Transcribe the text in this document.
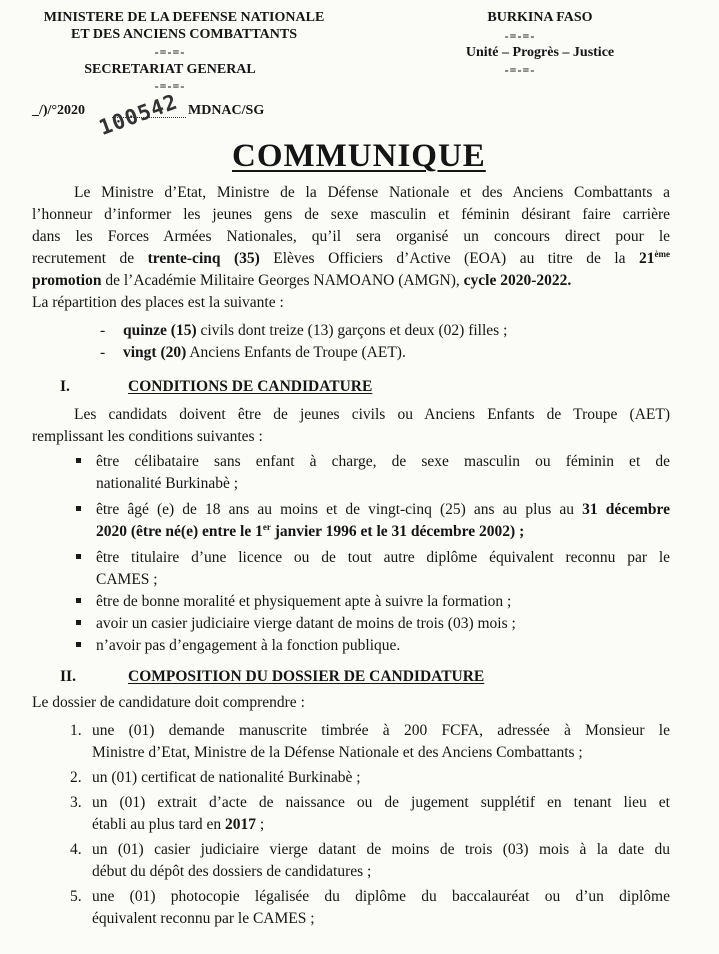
MINISTERE DE LA DEFENSE NATIONALE
ET DES ANCIENS COMBATTANTS
-=-=-
SECRETARIAT GENERAL
-=-=-
BURKINA FASO
-=-=-
Unité – Progrès – Justice
-=-=-
_/)/°2020	MDNAC/SG
100542
COMMUNIQUE
Le Ministre d’Etat, Ministre de la Défense Nationale et des Anciens Combattants a
l’honneur d’informer les jeunes gens de sexe masculin et féminin désirant faire carrière
dans les Forces Armées Nationales, qu’il sera organisé un concours direct pour le
recrutement de trente-cinq (35) Elèves Officiers d’Active (EOA) au titre de la 21ème
promotion de l’Académie Militaire Georges NAMOANO (AMGN), cycle 2020-2022.
La répartition des places est la suivante :
- quinze (15) civils dont treize (13) garçons et deux (02) filles ;
- vingt (20) Anciens Enfants de Troupe (AET).
I.	CONDITIONS DE CANDIDATURE
Les candidats doivent être de jeunes civils ou Anciens Enfants de Troupe (AET)
remplissant les conditions suivantes :
être célibataire sans enfant à charge, de sexe masculin ou féminin et de
nationalité Burkinabè ;
être âgé (e) de 18 ans au moins et de vingt-cinq (25) ans au plus au 31 décembre
2020 (être né(e) entre le 1er janvier 1996 et le 31 décembre 2002) ;
être titulaire d’une licence ou de tout autre diplôme équivalent reconnu par le
CAMES ;
être de bonne moralité et physiquement apte à suivre la formation ;
avoir un casier judiciaire vierge datant de moins de trois (03) mois ;
n’avoir pas d’engagement à la fonction publique.
II.	COMPOSITION DU DOSSIER DE CANDIDATURE
Le dossier de candidature doit comprendre :
1. une (01) demande manuscrite timbrée à 200 FCFA, adressée à Monsieur le
Ministre d’Etat, Ministre de la Défense Nationale et des Anciens Combattants ;
2. un (01) certificat de nationalité Burkinabè ;
3. un (01) extrait d’acte de naissance ou de jugement supplétif en tenant lieu et
établi au plus tard en 2017 ;
4. un (01) casier judiciaire vierge datant de moins de trois (03) mois à la date du
début du dépôt des dossiers de candidatures ;
5. une (01) photocopie légalisée du diplôme du baccalauréat ou d’un diplôme
équivalent reconnu par le CAMES ;
